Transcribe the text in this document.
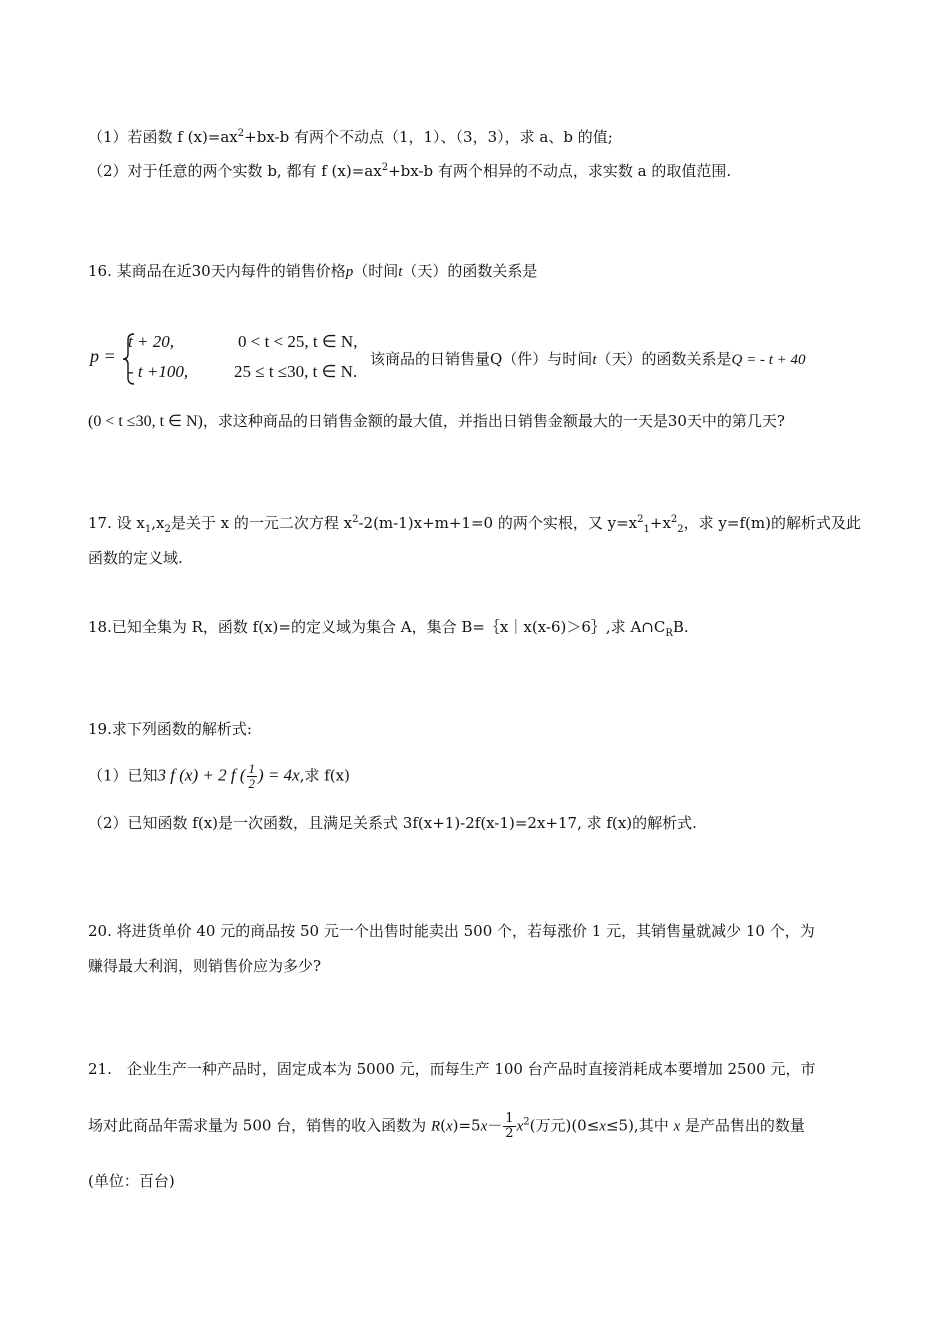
（1）若函数 f $(x)=ax^2+bx-b$ 有两个不动点（1，1）、（3，3），求 a、b 的值;
（2）对于任意的两个实数 b, 都有 f $(x)=ax^2+bx-b$ 有两个相异的不动点，求实数 a 的取值范围.
16. 某商品在近30天内每件的销售价格p（时间t（天）的函数关系是
p =
t + 20,	0 < t < 25, t ∈ N,
- t +100,	25 ≤ t ≤30, t ∈ N.
该商品的日销售量Q（件）与时间t（天）的函数关系是Q = - t + 40
(0 < t ≤30, t ∈ N)，求这种商品的日销售金额的最大值，并指出日销售金额最大的一天是30天中的第几天?
17. 设 $x_1,x_2$是关于 x 的一元二次方程 $x^2-2(m-1)x+m+1=0$ 的两个实根，又 $y=x^2_1+x^2_2$，求 y=f(m)的解析式及此
函数的定义域.
18.已知全集为 R，函数 f(x)=的定义域为集合 A，集合 B=｛x｜x(x-6)＞6｝,求 $A\cap C_RB$.
19.求下列函数的解析式:
（1）已知3 f (x) + 2 f ( $\frac{1}{2}$ ) = 4x,求 f(x)
（2）已知函数 f(x)是一次函数，且满足关系式 3f(x+1)-2f(x-1)=2x+17, 求 f(x)的解析式.
20. 将进货单价 40 元的商品按 50 元一个出售时能卖出 500 个，若每涨价 1 元，其销售量就减少 10 个，为
赚得最大利润，则销售价应为多少?
21.　企业生产一种产品时，固定成本为 5000 元，而每生产 100 台产品时直接消耗成本要增加 2500 元，市
场对此商品年需求量为 500 台，销售的收入函数为 $R(x)=5x- \frac{1}{2} x^2$(万元)(0≤x≤5),其中 x 是产品售出的数量
(单位：百台)
